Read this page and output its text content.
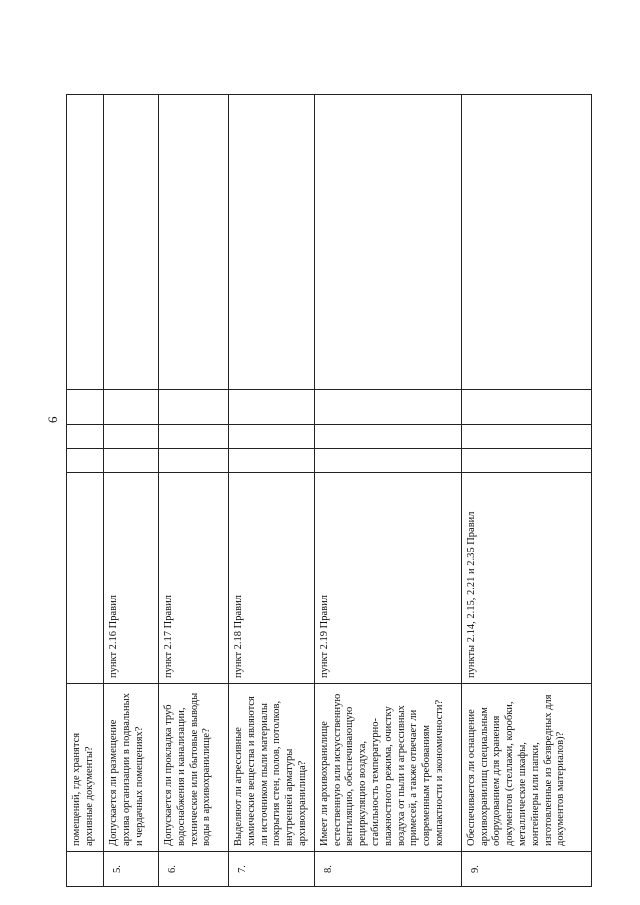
6
	помещений, где хранятся архивные документы?					
5.	Допускается ли размещение архива организации в подвальных и чердачных помещениях?	пункт 2.16 Правил				
6.	Допускается ли прокладка труб водоснабжения и канализации, технические или бытовые выводы воды в архивохранилище?	пункт 2.17 Правил				
7.	Выделяют ли агрессивные химические вещества и являются ли источником пыли материалы покрытия стен, полов, потолков, внутренней арматуры архивохранилища?	пункт 2.18 Правил				
8.	Имеет ли архивохранилище естественную или искусственную вентиляцию, обеспечивающую рециркуляцию воздуха, стабильность температурно-влажностного режима, очистку воздуха от пыли и агрессивных примесей, а также отвечает ли современным требованиям компактности и экономичности?	пункт 2.19 Правил				
9.	Обеспечивается ли оснащение архивохранилищ специальным оборудованием для хранения документов (стеллажи, коробки, металлические шкафы, контейнеры или папки, изготовленные из безвредных для документов материалов)?	пункты 2.14, 2.15, 2.21 и 2.35 Правил				
